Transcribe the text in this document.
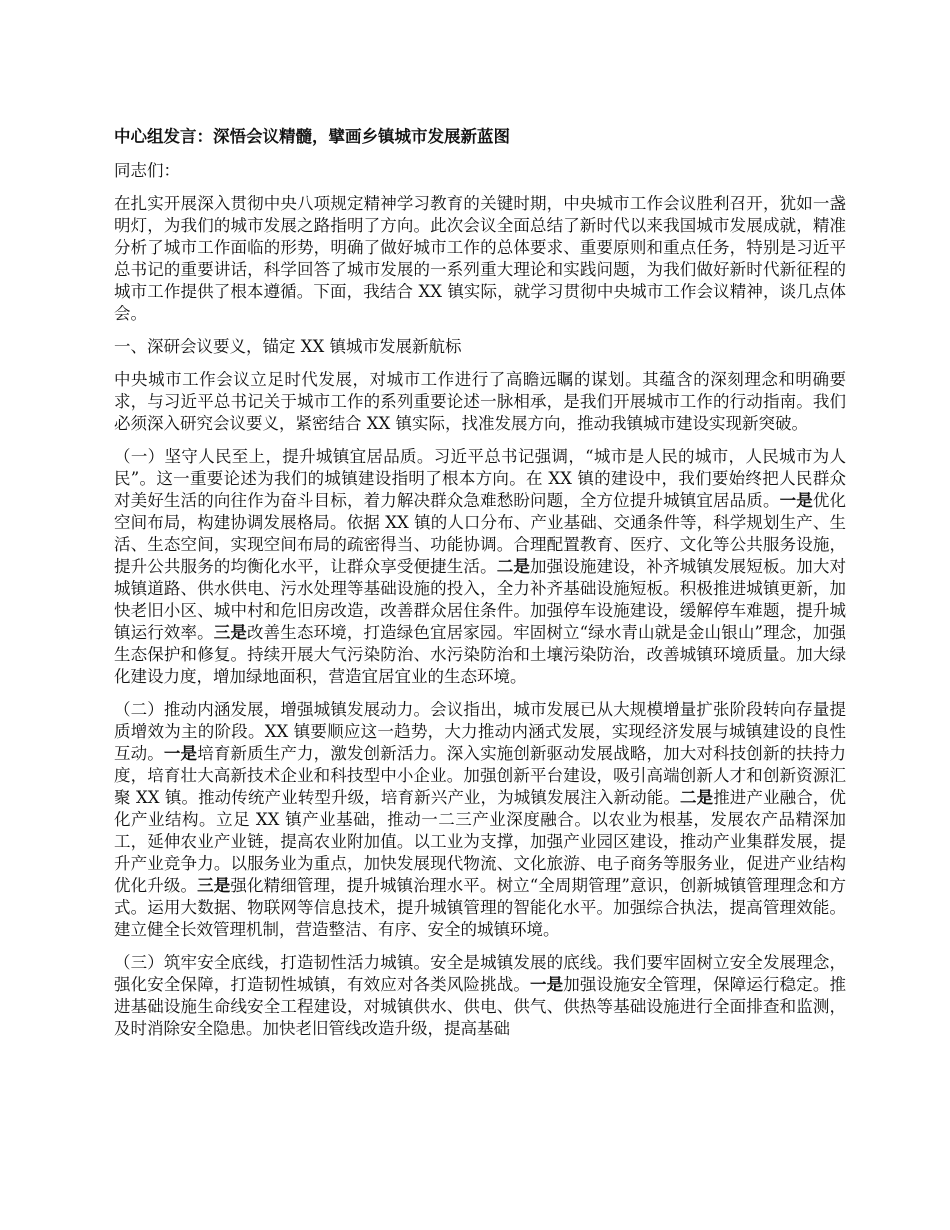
中心组发言：深悟会议精髓，擘画乡镇城市发展新蓝图

同志们：

在扎实开展深入贯彻中央八项规定精神学习教育的关键时期，中央城市工作会议胜利召开，犹如一盏明灯，为我们的城市发展之路指明了方向。此次会议全面总结了新时代以来我国城市发展成就，精准分析了城市工作面临的形势，明确了做好城市工作的总体要求、重要原则和重点任务，特别是习近平总书记的重要讲话，科学回答了城市发展的一系列重大理论和实践问题，为我们做好新时代新征程的城市工作提供了根本遵循。下面，我结合 XX 镇实际，就学习贯彻中央城市工作会议精神，谈几点体会。

一、深研会议要义，锚定 XX 镇城市发展新航标

中央城市工作会议立足时代发展，对城市工作进行了高瞻远瞩的谋划。其蕴含的深刻理念和明确要求，与习近平总书记关于城市工作的系列重要论述一脉相承，是我们开展城市工作的行动指南。我们必须深入研究会议要义，紧密结合 XX 镇实际，找准发展方向，推动我镇城市建设实现新突破。

（一）坚守人民至上，提升城镇宜居品质。习近平总书记强调，“城市是人民的城市，人民城市为人民”。这一重要论述为我们的城镇建设指明了根本方向。在 XX 镇的建设中，我们要始终把人民群众对美好生活的向往作为奋斗目标，着力解决群众急难愁盼问题，全方位提升城镇宜居品质。一是优化空间布局，构建协调发展格局。依据 XX 镇的人口分布、产业基础、交通条件等，科学规划生产、生活、生态空间，实现空间布局的疏密得当、功能协调。合理配置教育、医疗、文化等公共服务设施，提升公共服务的均衡化水平，让群众享受便捷生活。二是加强设施建设，补齐城镇发展短板。加大对城镇道路、供水供电、污水处理等基础设施的投入，全力补齐基础设施短板。积极推进城镇更新，加快老旧小区、城中村和危旧房改造，改善群众居住条件。加强停车设施建设，缓解停车难题，提升城镇运行效率。三是改善生态环境，打造绿色宜居家园。牢固树立“绿水青山就是金山银山”理念，加强生态保护和修复。持续开展大气污染防治、水污染防治和土壤污染防治，改善城镇环境质量。加大绿化建设力度，增加绿地面积，营造宜居宜业的生态环境。

（二）推动内涵发展，增强城镇发展动力。会议指出，城市发展已从大规模增量扩张阶段转向存量提质增效为主的阶段。XX 镇要顺应这一趋势，大力推动内涵式发展，实现经济发展与城镇建设的良性互动。一是培育新质生产力，激发创新活力。深入实施创新驱动发展战略，加大对科技创新的扶持力度，培育壮大高新技术企业和科技型中小企业。加强创新平台建设，吸引高端创新人才和创新资源汇聚 XX 镇。推动传统产业转型升级，培育新兴产业，为城镇发展注入新动能。二是推进产业融合，优化产业结构。立足 XX 镇产业基础，推动一二三产业深度融合。以农业为根基，发展农产品精深加工，延伸农业产业链，提高农业附加值。以工业为支撑，加强产业园区建设，推动产业集群发展，提升产业竞争力。以服务业为重点，加快发展现代物流、文化旅游、电子商务等服务业，促进产业结构优化升级。三是强化精细管理，提升城镇治理水平。树立“全周期管理”意识，创新城镇管理理念和方式。运用大数据、物联网等信息技术，提升城镇管理的智能化水平。加强综合执法，提高管理效能。建立健全长效管理机制，营造整洁、有序、安全的城镇环境。

（三）筑牢安全底线，打造韧性活力城镇。安全是城镇发展的底线。我们要牢固树立安全发展理念，强化安全保障，打造韧性城镇，有效应对各类风险挑战。一是加强设施安全管理，保障运行稳定。推进基础设施生命线安全工程建设，对城镇供水、供电、供气、供热等基础设施进行全面排查和监测，及时消除安全隐患。加快老旧管线改造升级，提高基础
